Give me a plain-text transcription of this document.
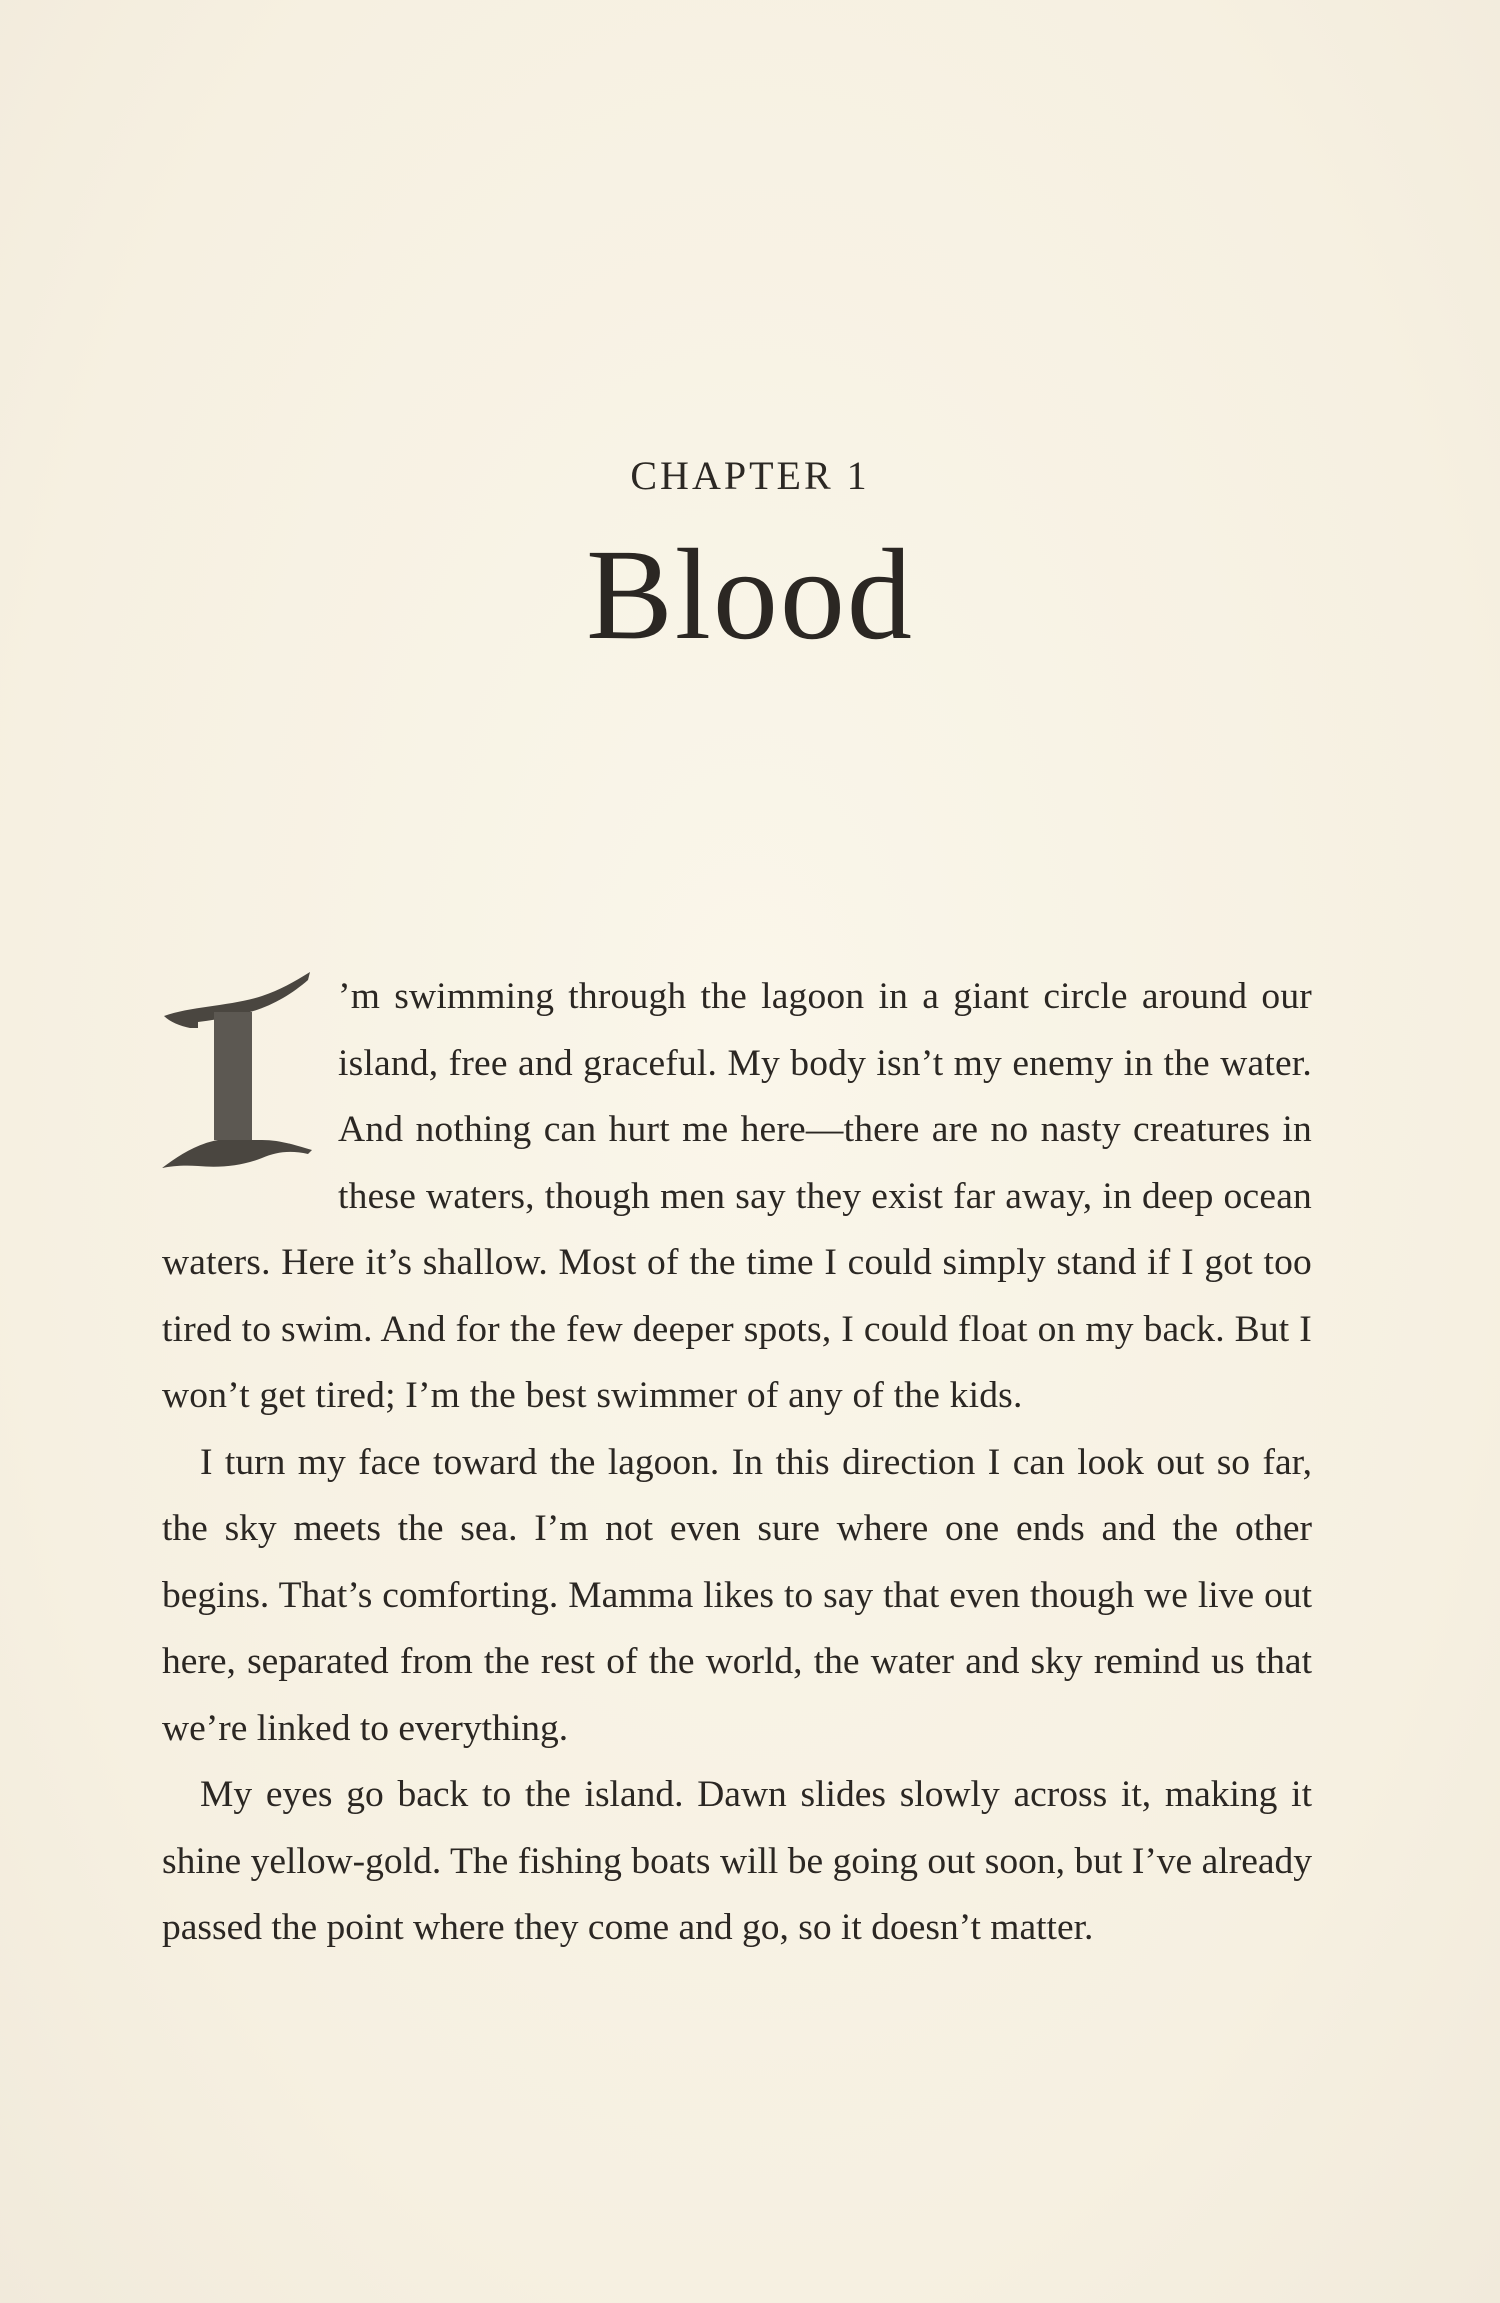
CHAPTER 1
Blood

’m swimming through the lagoon in a giant circle around our island, free and graceful. My body isn’t my enemy in the water. And nothing can hurt me here—there are no nasty creatures in these waters, though men say they exist far away, in deep ocean waters. Here it’s shallow. Most of the time I could simply stand if I got too tired to swim. And for the few deeper spots, I could float on my back. But I won’t get tired; I’m the best swimmer of any of the kids.

I turn my face toward the lagoon. In this direction I can look out so far, the sky meets the sea. I’m not even sure where one ends and the other begins. That’s comforting. Mamma likes to say that even though we live out here, separated from the rest of the world, the water and sky remind us that we’re linked to everything.

My eyes go back to the island. Dawn slides slowly across it, making it shine yellow-gold. The fishing boats will be going out soon, but I’ve already passed the point where they come and go, so it doesn’t matter.
